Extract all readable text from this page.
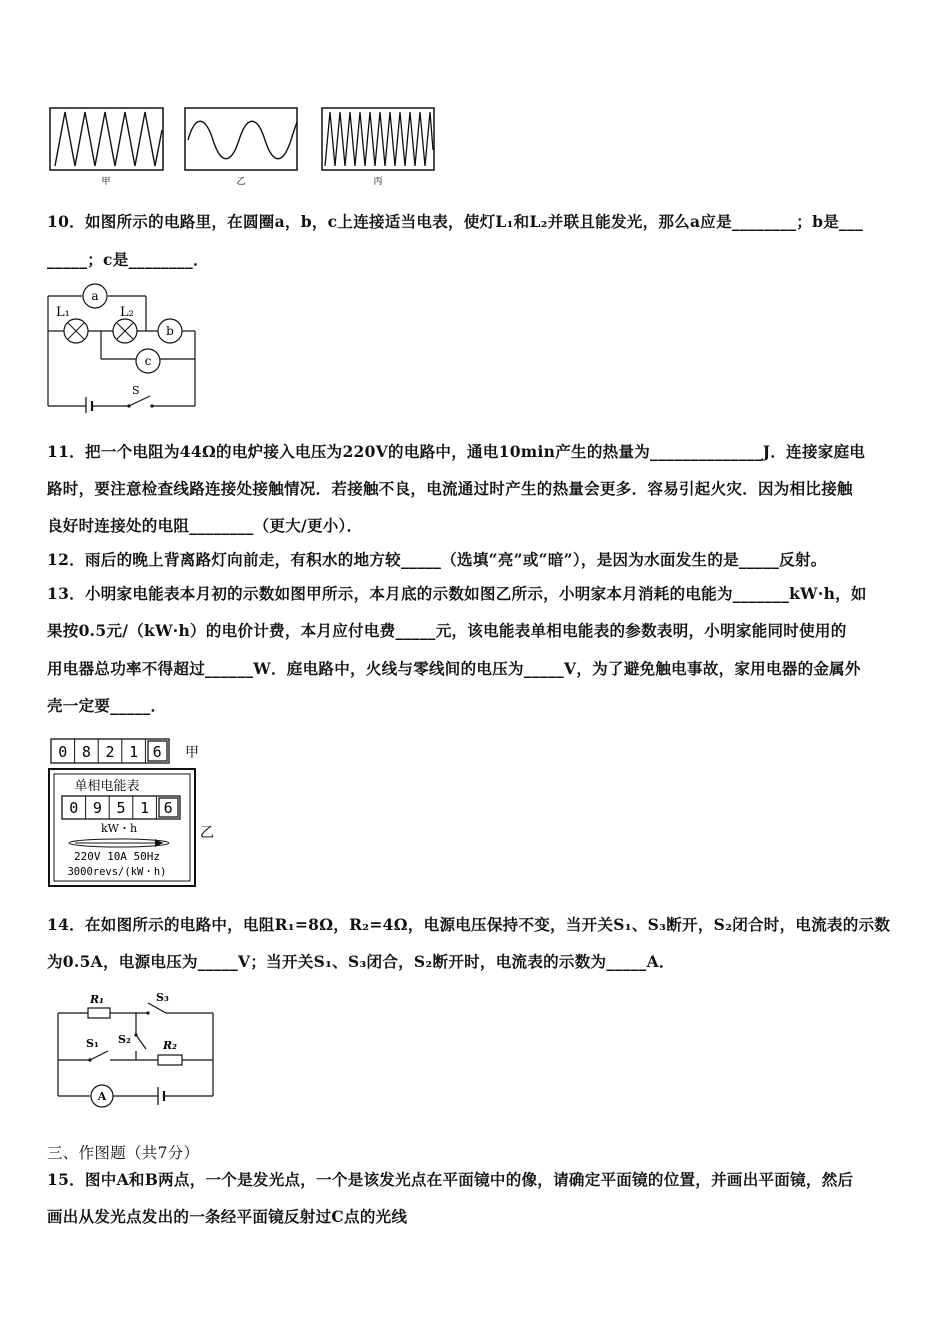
甲	乙	丙
10．如图所示的电路里，在圆圈a，b，c上连接适当电表，使灯L₁和L₂并联且能发光，那么a应是________；b是___
_____；c是________．
a
L₁	L₂
b
c
S
11．把一个电阻为44Ω的电炉接入电压为220V的电路中，通电10min产生的热量为______________J．连接家庭电
路时，要注意检查线路连接处接触情况．若接触不良，电流通过时产生的热量会更多．容易引起火灾．因为相比接触
良好时连接处的电阻________（更大/更小）．
12．雨后的晚上背离路灯向前走，有积水的地方较_____（选填“亮”或“暗”），是因为水面发生的是_____反射。
13．小明家电能表本月初的示数如图甲所示，本月底的示数如图乙所示，小明家本月消耗的电能为_______kW·h，如
果按0.5元/（kW·h）的电价计费，本月应付电费_____元，该电能表单相电能表的参数表明，小明家能同时使用的
用电器总功率不得超过______W．庭电路中，火线与零线间的电压为_____V，为了避免触电事故，家用电器的金属外
壳一定要_____．
0 8 2 1 6 甲
单相电能表
0 9 5 1 6
kW・h
220V 10A 50Hz
3000revs/(kW・h)
乙
14．在如图所示的电路中，电阻R₁=8Ω，R₂=4Ω，电源电压保持不变，当开关S₁、S₃断开，S₂闭合时，电流表的示数
为0.5A，电源电压为_____V；当开关S₁、S₃闭合，S₂断开时，电流表的示数为_____A．
R₁	S₃
S₂
S₁	R₂
A
三、作图题（共7分）
15．图中A和B两点，一个是发光点，一个是该发光点在平面镜中的像，请确定平面镜的位置，并画出平面镜，然后
画出从发光点发出的一条经平面镜反射过C点的光线
